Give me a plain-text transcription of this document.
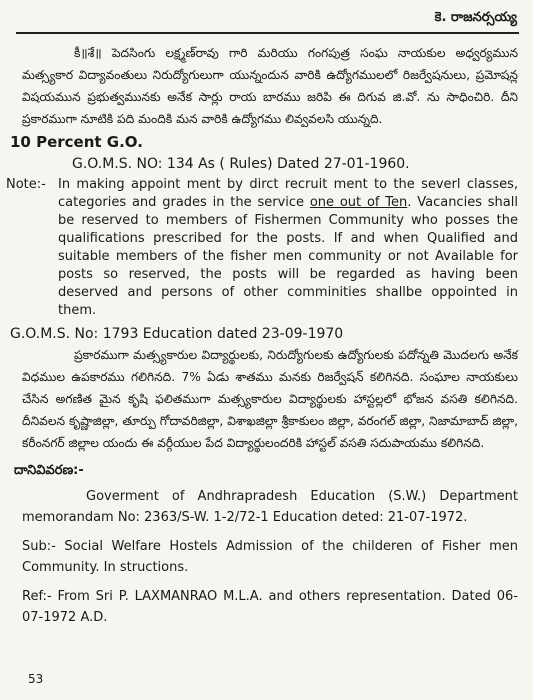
కె. రాజనర్సయ్య

కీ॥శే॥ పెదసింగు లక్ష్మణ్‌రావు గారి మరియు గంగపుత్ర సంఘ నాయకుల అధ్వర్యమున మత్స్యకార విద్యావంతులు నిరుద్యోగులుగా యున్నందున వారికి ఉద్యోగములలో రిజర్వేషనులు, ప్రమోషన్ల విషయమున ప్రభుత్వమునకు అనేక సార్లు రాయ బారము జరిపి ఈ దిగువ జి.వో. ను సాధించిరి. దీని ప్రకారముగా నూటికి పది మందికి మన వారికి ఉద్యోగము లివ్వవలసి యున్నది.

10 Percent G.O.
G.O.M.S. NO: 134 As ( Rules) Dated 27-01-1960.
Note:- In making appoint ment by dirct recruit ment to the severl classes, categories and grades in the service one out of Ten. Vacancies shall be reserved to members of Fishermen Community who posses the qualifications prescribed for the posts. If and when Qualified and suitable members of the fisher men community or not Available for posts so reserved, the posts will be regarded as having been deserved and persons of other comminities shallbe oppointed in them.
G.O.M.S. No: 1793 Education dated 23-09-1970

ప్రకారముగా మత్స్యకారుల విద్యార్థులకు, నిరుద్యోగులకు ఉద్యోగులకు పదోన్నతి మొదలగు అనేక విధముల ఉపకారము గలిగినది. 7% ఏడు శాతము మనకు రిజర్వేషన్ కలిగినది. సంఘాల నాయకులు చేసిన అగణిత మైన కృషి ఫలితముగా మత్స్యకారుల విద్యార్థులకు హాస్టల్లలో భోజన వసతి కలిగినది. దీనివలన కృష్ణాజిల్లా, తూర్పు గోదావరిజిల్లా, విశాఖజిల్లా శ్రీకాకులం జిల్లా, వరంగల్ జిల్లా, నిజామాబాద్ జిల్లా, కరీంనగర్ జిల్లాల యందు ఈ వర్గీయుల పేద విద్యార్థులందరికి హాస్టల్ వసతి సదుపాయము కలిగినది.

దానివివరణ:-

Goverment of Andhrapradesh Education (S.W.) Department memorandam No: 2363/S-W. 1-2/72-1 Education deted: 21-07-1972.

Sub:- Social Welfare Hostels Admission of the childeren of Fisher men Community. In structions.

Ref:- From Sri P. LAXMANRAO M.L.A. and others representation. Dated 06-07-1972 A.D.

53
